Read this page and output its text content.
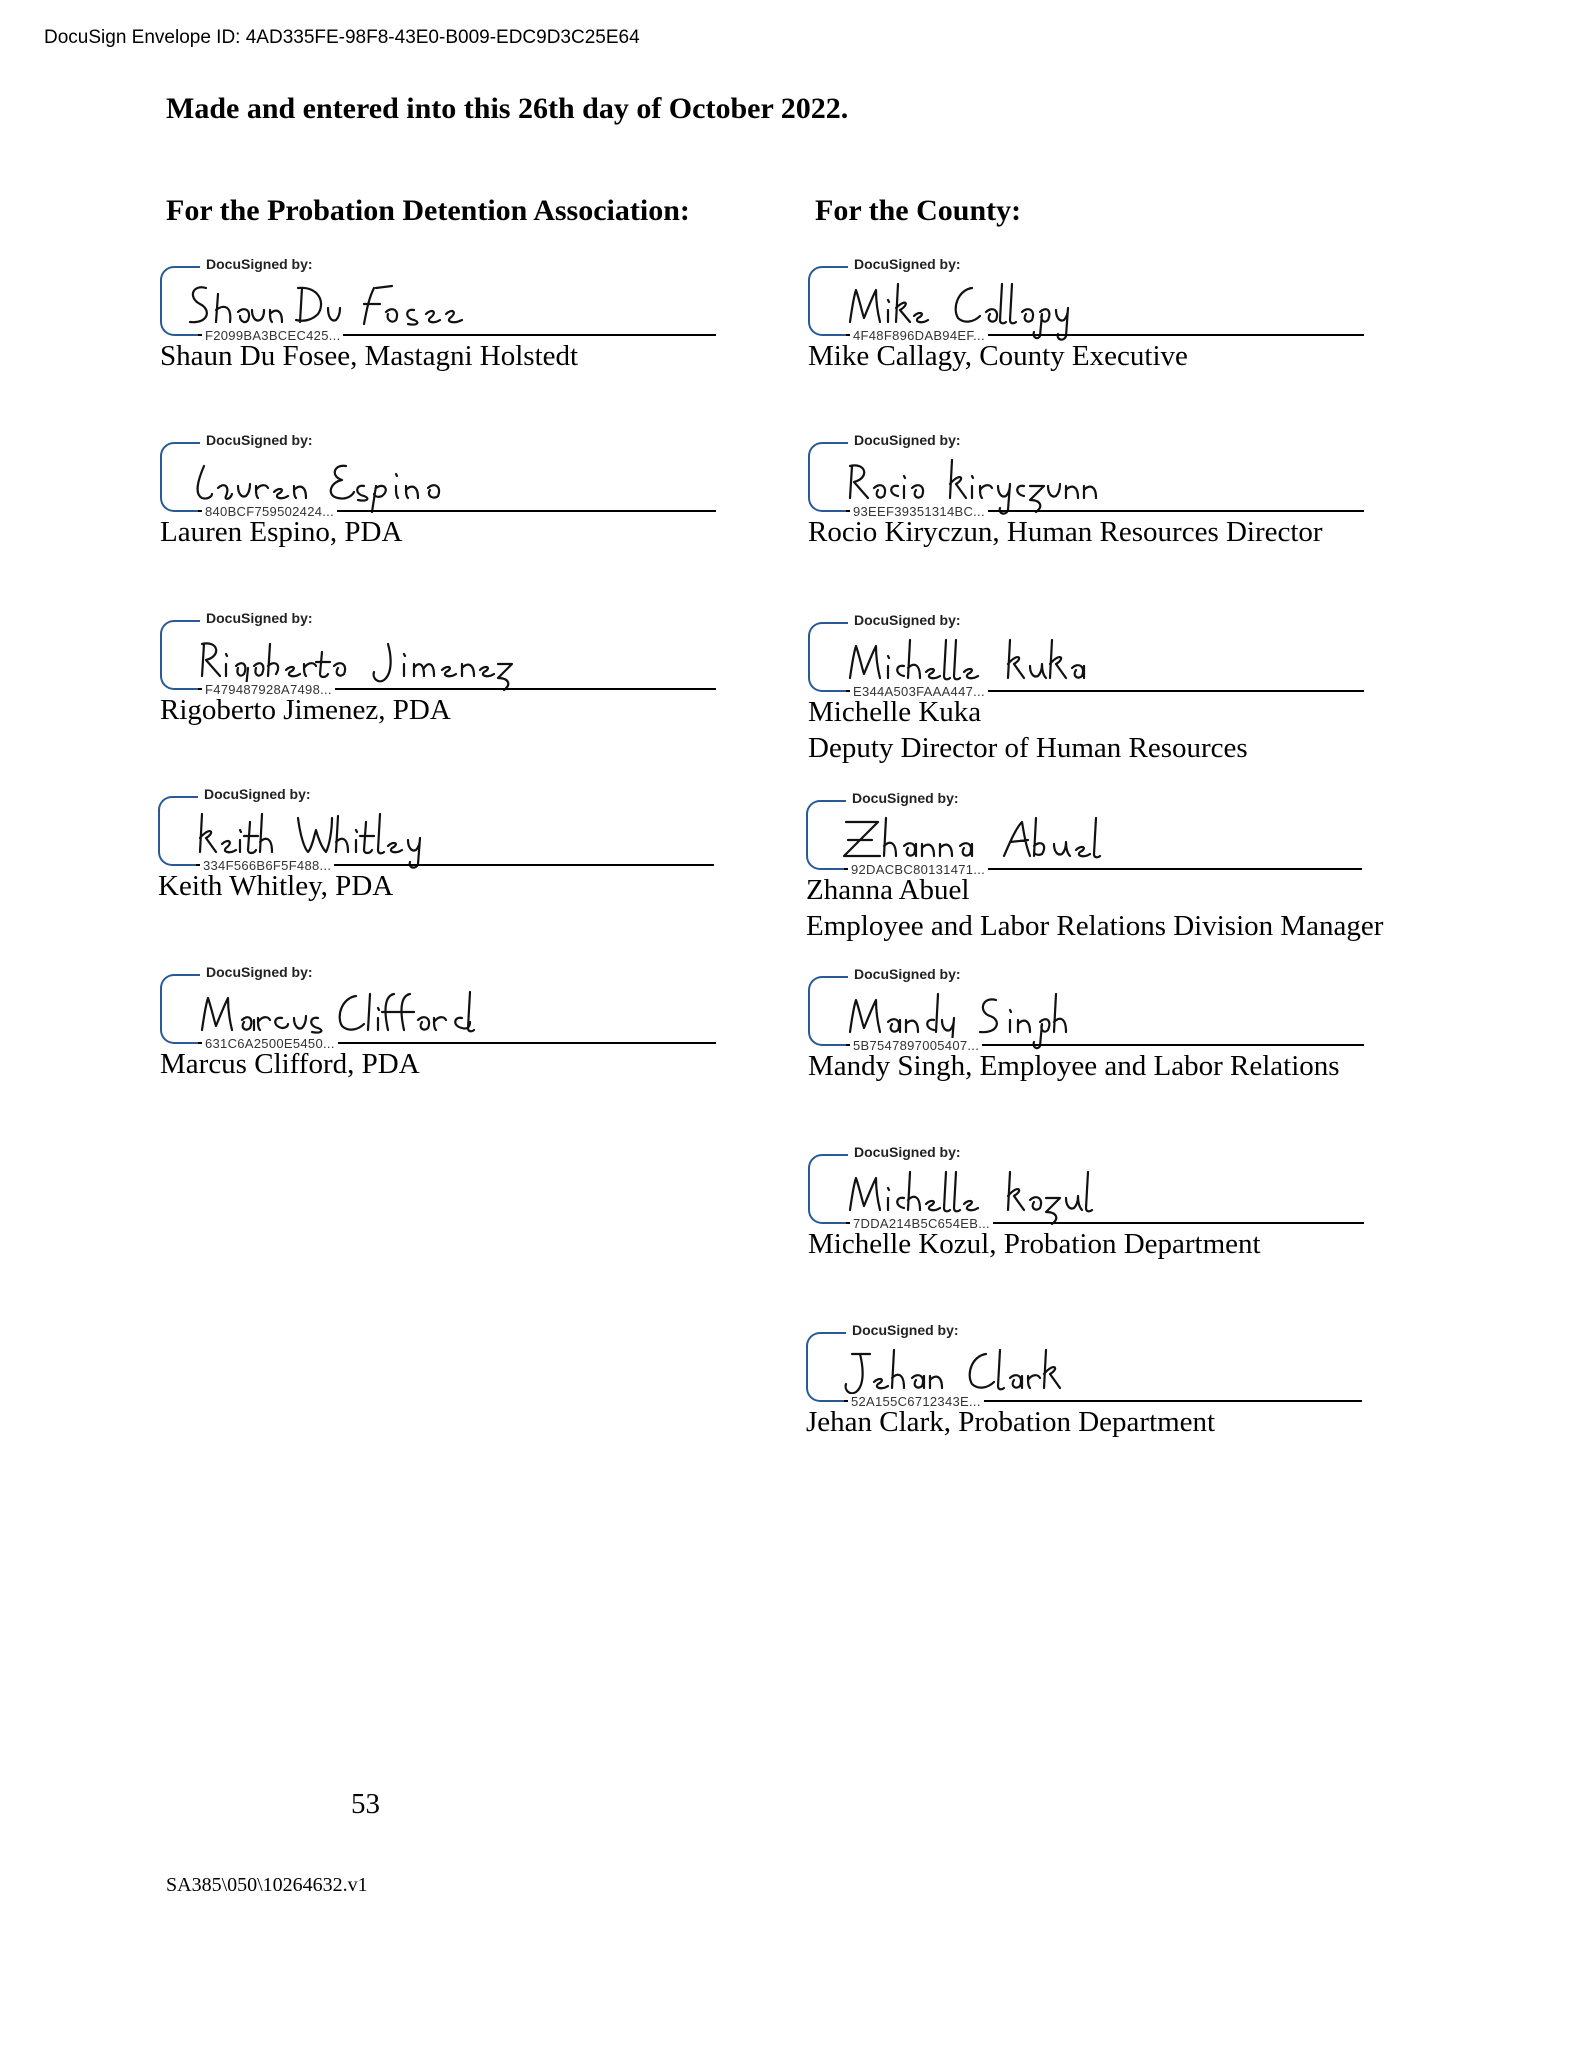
DocuSign Envelope ID: 4AD335FE-98F8-43E0-B009-EDC9D3C25E64
Made and entered into this 26th day of October 2022.
For the Probation Detention Association:	For the County:
DocuSigned by:
F2099BA3BCEC425...
Shaun Du Fosee, Mastagni Holstedt
DocuSigned by:
840BCF759502424...
Lauren Espino, PDA
DocuSigned by:
F479487928A7498...
Rigoberto Jimenez, PDA
DocuSigned by:
334F566B6F5F488...
Keith Whitley, PDA
DocuSigned by:
631C6A2500E5450...
Marcus Clifford, PDA
DocuSigned by:
4F48F896DAB94EF...
Mike Callagy, County Executive
DocuSigned by:
93EEF39351314BC...
Rocio Kiryczun, Human Resources Director
DocuSigned by:
E344A503FAAA447...
Michelle Kuka
Deputy Director of Human Resources
DocuSigned by:
92DACBC80131471...
Zhanna Abuel
Employee and Labor Relations Division Manager
DocuSigned by:
5B7547897005407...
Mandy Singh, Employee and Labor Relations
DocuSigned by:
7DDA214B5C654EB...
Michelle Kozul, Probation Department
DocuSigned by:
52A155C6712343E...
Jehan Clark, Probation Department
53
SA385\050\10264632.v1
